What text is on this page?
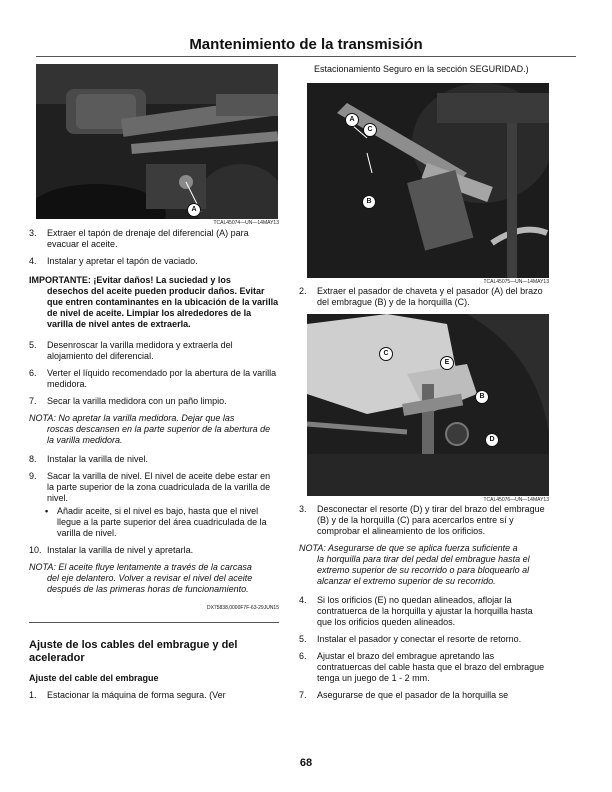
Mantenimiento de la transmisión
A
TCAL45074—UN—14MAY13
3.	Extraer el tapón de drenaje del diferencial (A) para evacuar el aceite.
4.	Instalar y apretar el tapón de vaciado.
IMPORTANTE: ¡Evitar daños! La suciedad y los
desechos del aceite pueden producir daños. Evitar que entren contaminantes en la ubicación de la varilla de nivel de aceite. Limpiar los alrededores de la varilla de nivel antes de extraerla.
5.	Desenroscar la varilla medidora y extraerla del alojamiento del diferencial.
6.	Verter el líquido recomendado por la abertura de la varilla medidora.
7.	Secar la varilla medidora con un paño limpio.
NOTA: No apretar la varilla medidora. Dejar que las
roscas descansen en la parte superior de la abertura de la varilla medidora.
8.	Instalar la varilla de nivel.
9.	Sacar la varilla de nivel. El nivel de aceite debe estar en la parte superior de la zona cuadriculada de la varilla de nivel.
• Añadir aceite, si el nivel es bajo, hasta que el nivel llegue a la parte superior del área cuadriculada de la varilla de nivel.
10. Instalar la varilla de nivel y apretarla.
NOTA: El aceite fluye lentamente a través de la carcasa
del eje delantero. Volver a revisar el nivel del aceite después de las primeras horas de funcionamiento.
DX75838,0000F7F-63-29JUN15
Ajuste de los cables del embrague y del acelerador
Ajuste del cable del embrague
1.	Estacionar la máquina de forma segura. (Ver
Estacionamiento Seguro en la sección SEGURIDAD.)
A
C
B
TCAL45075—UN—14MAY13
2.	Extraer el pasador de chaveta y el pasador (A) del brazo del embrague (B) y de la horquilla (C).
C
E
B
D
TCAL45076—UN—14MAY13
3.	Desconectar el resorte (D) y tirar del brazo del embrague (B) y de la horquilla (C) para acercarlos entre sí y comprobar el alineamiento de los orificios.
NOTA: Asegurarse de que se aplica fuerza suficiente a
la horquilla para tirar del pedal del embrague hasta el extremo superior de su recorrido o para bloquearlo al alcanzar el extremo superior de su recorrido.
4.	Si los orificios (E) no quedan alineados, aflojar la contratuerca de la horquilla y ajustar la horquilla hasta que los orificios queden alineados.
5.	Instalar el pasador y conectar el resorte de retorno.
6.	Ajustar el brazo del embrague apretando las contratuercas del cable hasta que el brazo del embrague tenga un juego de 1 - 2 mm.
7.	Asegurarse de que el pasador de la horquilla se
68
